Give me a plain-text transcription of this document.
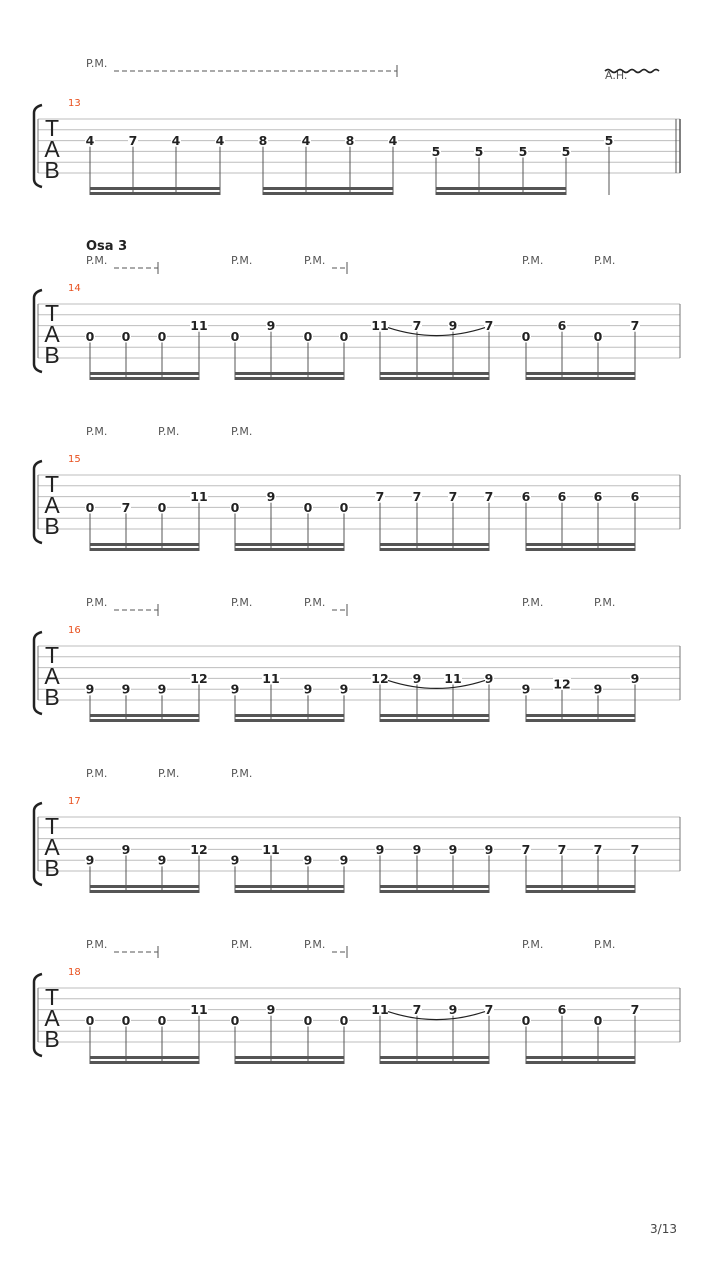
T
A
B
13
P.M.
A.H.
4	7	4	4	8	4	8	4
5	5	5	5
5
T
A
B
14
Osa 3
P.M.	P.M.	P.M.	P.M.	P.M.
0 0 0
11
0
9
0 0
11 7 9 7
0
6
0
7
T
A
B
15
P.M.	P.M.	P.M.
0 7 0
11
0
9
0 0
7 7 7 7 6 6 6 6
T
A
B
16
P.M.	P.M.	P.M.	P.M.	P.M.
9 9 9
12
9
11
9 9
12 9 11 9
9 12 9
9
T
A
B
17
P.M.	P.M.	P.M.
9
9
9
12
9
11
9 9
9 9 9 9 7 7 7 7
T
A
B
18
P.M.	P.M.	P.M.	P.M.	P.M.
0 0 0
11
0
9
0 0
11 7 9 7
0
6
0
7
3/13
